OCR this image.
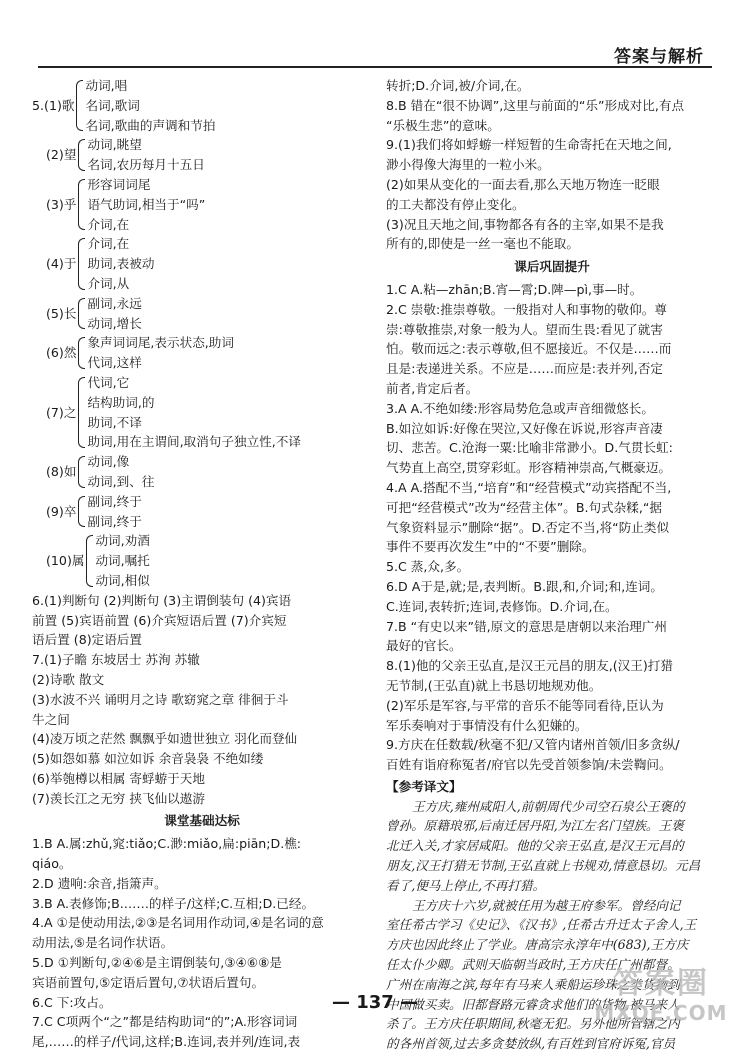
答案与解析
5. (1)歌
动词,唱
名词,歌词
名词,歌曲的声调和节拍
(2)望
动词,眺望
名词,农历每月十五日
(3)乎
形容词词尾
语气助词,相当于“吗”
介词,在
(4)于
介词,在
助词,表被动
介词,从
(5)长
副词,永远
动词,增长
(6)然
象声词词尾,表示状态,助词
代词,这样
(7)之
代词,它
结构助词,的
助词,不译
助词,用在主谓间,取消句子独立性,不译
(8)如
动词,像
动词,到、往
(9)卒
副词,终于
副词,终于
(10)属
动词,劝酒
动词,嘱托
动词,相似
6.(1)判断句 (2)判断句 (3)主谓倒装句 (4)宾语
前置 (5)宾语前置 (6)介宾短语后置 (7)介宾短
语后置 (8)定语后置
7.(1)子瞻 东坡居士 苏洵 苏辙
(2)诗歌 散文
(3)水波不兴 诵明月之诗 歌窈窕之章 徘徊于斗
牛之间
(4)凌万顷之茫然 飘飘乎如遗世独立 羽化而登仙
(5)如怨如慕 如泣如诉 余音袅袅 不绝如缕
(6)举匏樽以相属 寄蜉蝣于天地
(7)羡长江之无穷 挟飞仙以遨游
课堂基础达标
1.B A.属:zhǔ,窕:tiǎo;C.渺:miǎo,扁:piān;D.樵:
qiáo。
2.D 遗响:余音,指箫声。
3.B A.表修饰;B.……的样子/这样;C.互相;D.已经。
4.A ①是使动用法,②③是名词用作动词,④是名词的意
动用法,⑤是名词作状语。
5.D ①判断句,②④⑥是主谓倒装句,③④⑥⑧是
宾语前置句,⑤定语后置句,⑦状语后置句。
6.C 下:攻占。
7.C C项两个“之”都是结构助词“的”;A.形容词词
尾,……的样子/代词,这样;B.连词,表并列/连词,表
转折;D.介词,被/介词,在。
8.B 错在“很不协调”,这里与前面的“乐”形成对比,有点
“乐极生悲”的意味。
9.(1)我们将如蜉蝣一样短暂的生命寄托在天地之间,
渺小得像大海里的一粒小米。
(2)如果从变化的一面去看,那么天地万物连一眨眼
的工夫都没有停止变化。
(3)况且天地之间,事物都各有各的主宰,如果不是我
所有的,即使是一丝一毫也不能取。
课后巩固提升
1.C A.粘—zhān;B.宵—霄;D.陴—pì,事—时。
2.C 崇敬:推崇尊敬。一般指对人和事物的敬仰。尊
崇:尊敬推崇,对象一般为人。望而生畏:看见了就害
怕。敬而远之:表示尊敬,但不愿接近。不仅是……而
且是:表递进关系。不应是……而应是:表并列,否定
前者,肯定后者。
3.A A.不绝如缕:形容局势危急或声音细微悠长。
B.如泣如诉:好像在哭泣,又好像在诉说,形容声音凄
切、悲苦。C.沧海一粟:比喻非常渺小。D.气贯长虹:
气势直上高空,贯穿彩虹。形容精神崇高,气概豪迈。
4.A A.搭配不当,“培育”和“经营模式”动宾搭配不当,
可把“经营模式”改为“经营主体”。B.句式杂糅,“据
气象资料显示”删除“据”。D.否定不当,将“防止类似
事件不要再次发生”中的“不要”删除。
5.C 蒸,众,多。
6.D A于是,就;是,表判断。B.跟,和,介词;和,连词。
C.连词,表转折;连词,表修饰。D.介词,在。
7.B “有史以来”错,原文的意思是唐朝以来治理广州
最好的官长。
8.(1)他的父亲王弘直,是汉王元昌的朋友,(汉王)打猎
无节制,(王弘直)就上书恳切地规劝他。
(2)军乐是军容,与平常的音乐不能等同看待,臣认为
军乐奏响对于事情没有什么犯嫌的。
9.方庆在任数载/秋毫不犯/又管内诸州首领/旧多贪纵/
百姓有诣府称冤者/府官以先受首领参饷/未尝鞫问。
【参考译文】
王方庆,雍州咸阳人,前朝周代少司空石泉公王褒的
曾孙。原籍琅邪,后南迁居丹阳,为江左名门望族。王褒
北迁入关,才家居咸阳。他的父亲王弘直,是汉王元昌的
朋友,汉王打猎无节制,王弘直就上书规劝,情意恳切。元昌
看了,便马上停止,不再打猎。
王方庆十六岁,就被任用为越王府参军。曾经向记
室任希古学习《史记》、《汉书》,任希古升迁太子舍人,王
方庆也因此终止了学业。唐高宗永淳年中(683),王方庆
任太仆少卿。武则天临朝当政时,王方庆任广州都督。
广州在南海之滨,每年有马来人乘船运珍珠之类货物到
中国做买卖。旧都督路元睿贪求他们的货物,被马来人
杀了。王方庆任职期间,秋毫无犯。另外他所管辖之内
的各州首领,过去多贪婪放纵,有百姓到官府诉冤,官员
— 137 —
答案圈
MXQE.COM
